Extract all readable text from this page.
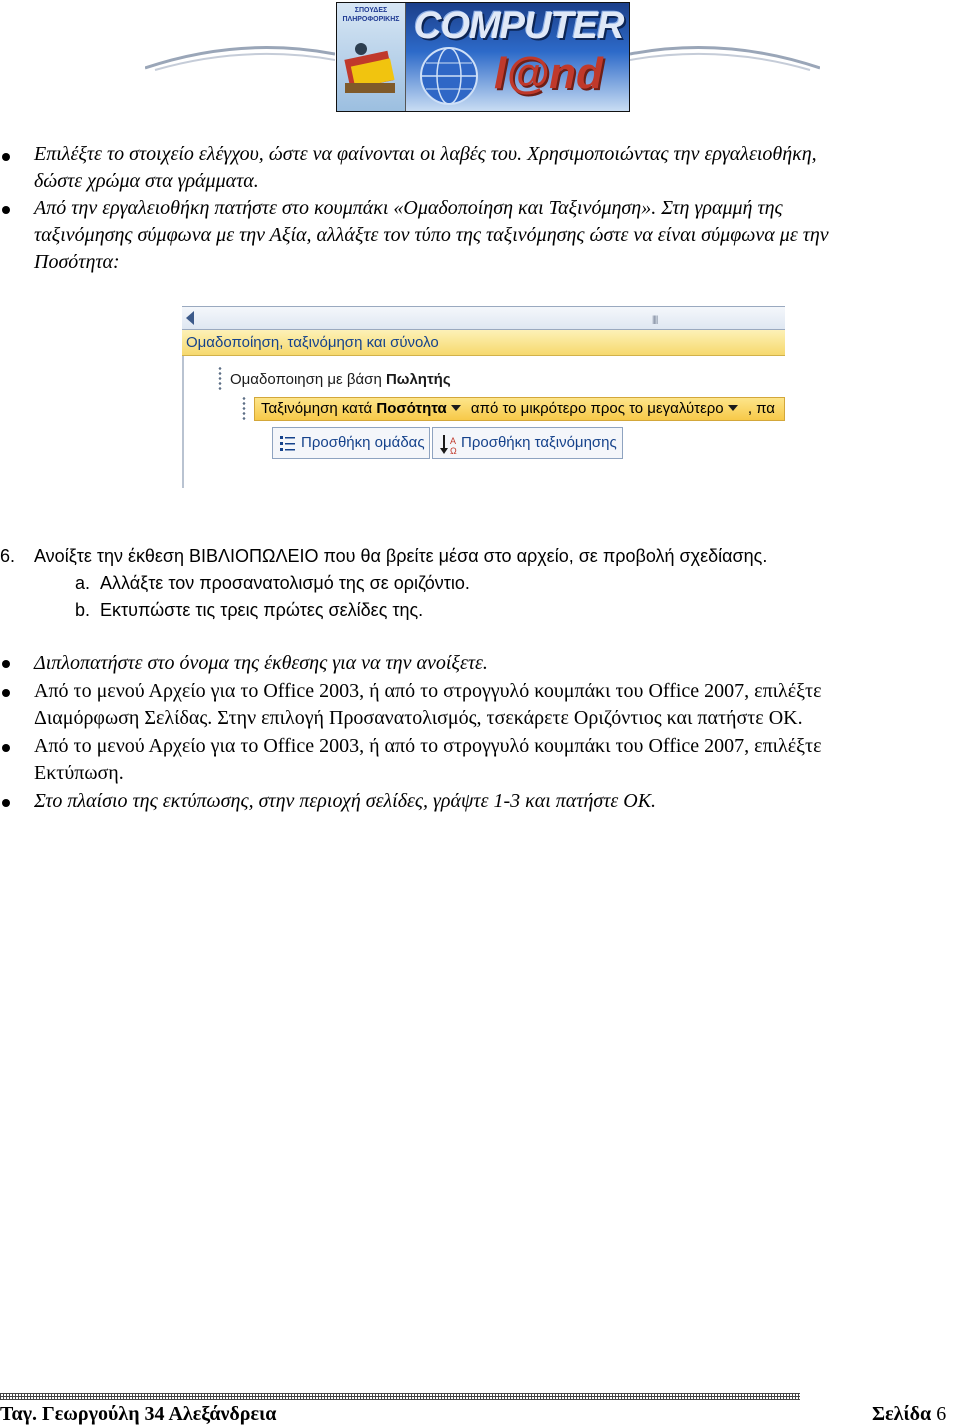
ΣΠΟΥΔΕΣ ΠΛΗΡΟΦΟΡΙΚΗΣ COMPUTER
l@nd
Επιλέξτε το στοιχείο ελέγχου, ώστε να φαίνονται οι λαβές του. Χρησιμοποιώντας την εργαλειοθήκη,
δώστε χρώμα στα γράμματα.
Από την εργαλειοθήκη πατήστε στο κουμπάκι «Ομαδοποίηση και Ταξινόμηση». Στη γραμμή της
ταξινόμησης σύμφωνα με την Αξία, αλλάξτε τον τύπο της ταξινόμησης ώστε να είναι σύμφωνα με την
Ποσότητα:
||||
Ομαδοποίηση, ταξινόμηση και σύνολο
Ομαδοποιηση με βάση Πωλητής
Ταξινόμηση κατά Ποσότητα από το μικρότερο προς το μεγαλύτερο , πα
Προσθήκη ομάδας	A
Ω Προσθήκη ταξινόμησης
6. Ανοίξτε την έκθεση ΒΙΒΛΙΟΠΩΛΕΙΟ που θα βρείτε μέσα στο αρχείο, σε προβολή σχεδίασης.
a. Αλλάξτε τον προσανατολισμό της σε οριζόντιο.
b. Εκτυπώστε τις τρεις πρώτες σελίδες της.
Διπλοπατήστε στο όνομα της έκθεσης για να την ανοίξετε.
Από το μενού Αρχείο για το Office 2003, ή από το στρογγυλό κουμπάκι του Office 2007, επιλέξτε
Διαμόρφωση Σελίδας. Στην επιλογή Προσανατολισμός, τσεκάρετε Οριζόντιος και πατήστε ΟΚ.
Από το μενού Αρχείο για το Office 2003, ή από το στρογγυλό κουμπάκι του Office 2007, επιλέξτε
Εκτύπωση.
Στο πλαίσιο της εκτύπωσης, στην περιοχή σελίδες, γράψτε 1-3 και πατήστε ΟΚ.
Ταγ. Γεωργούλη 34 Αλεξάνδρεια	Σελίδα 6
